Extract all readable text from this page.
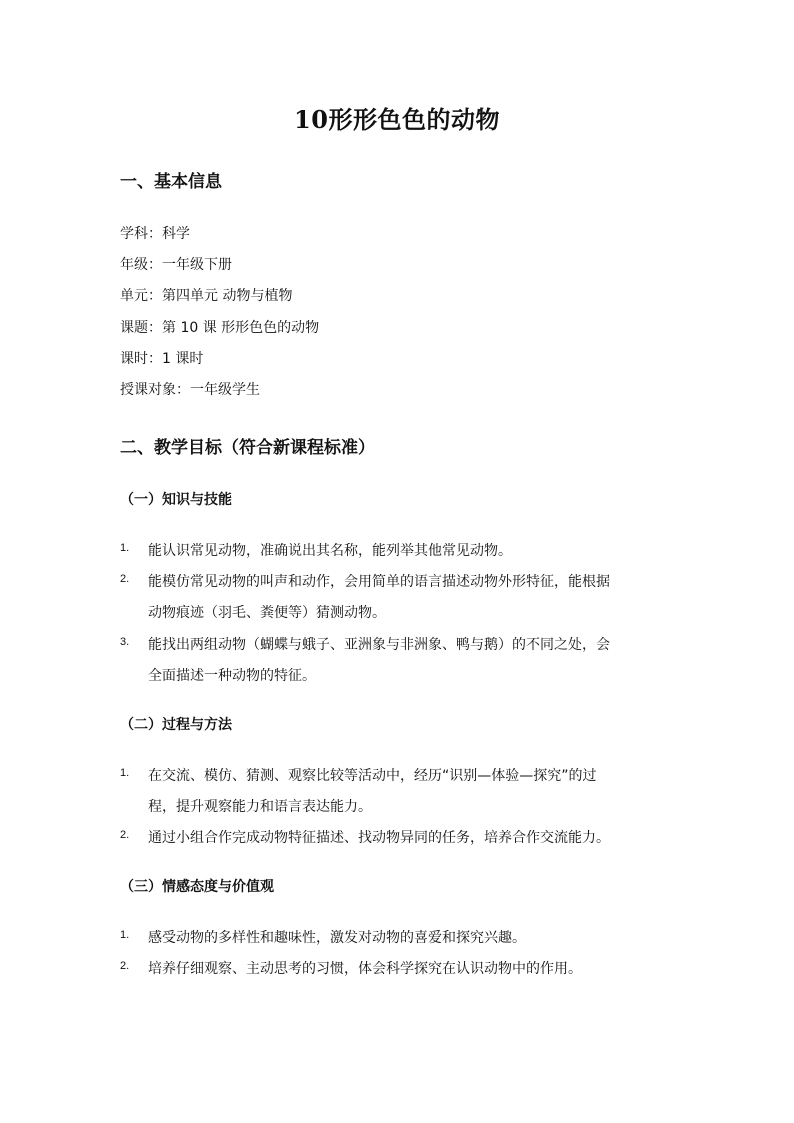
10形形色色的动物
一、基本信息
学科：科学
年级：一年级下册
单元：第四单元 动物与植物
课题：第 10 课 形形色色的动物
课时：1 课时
授课对象：一年级学生
二、教学目标（符合新课程标准）
（一）知识与技能
1. 能认识常见动物，准确说出其名称，能列举其他常见动物。
2. 能模仿常见动物的叫声和动作，会用简单的语言描述动物外形特征，能根据
动物痕迹（羽毛、粪便等）猜测动物。
3. 能找出两组动物（蝴蝶与蛾子、亚洲象与非洲象、鸭与鹅）的不同之处，会
全面描述一种动物的特征。
（二）过程与方法
1. 在交流、模仿、猜测、观察比较等活动中，经历“识别—体验—探究”的过
程，提升观察能力和语言表达能力。
2. 通过小组合作完成动物特征描述、找动物异同的任务，培养合作交流能力。
（三）情感态度与价值观
1. 感受动物的多样性和趣味性，激发对动物的喜爱和探究兴趣。
2. 培养仔细观察、主动思考的习惯，体会科学探究在认识动物中的作用。
